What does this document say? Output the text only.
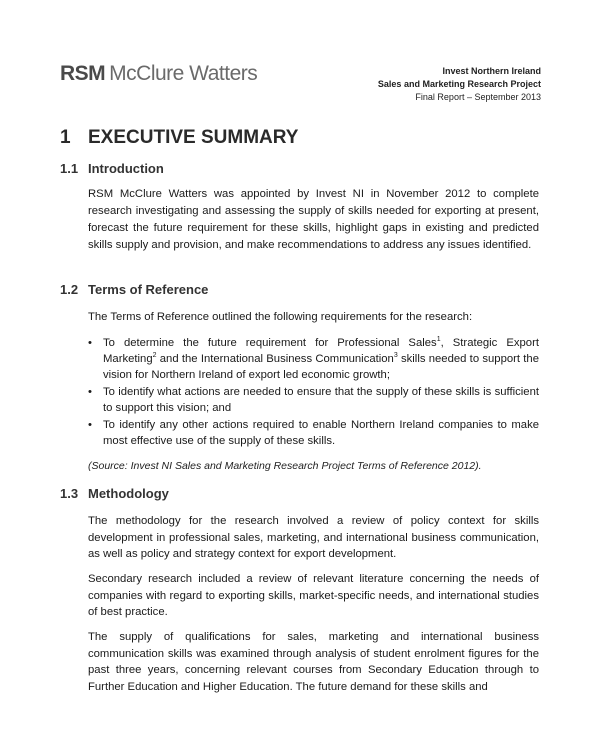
RSM McClure Watters	Invest Northern Ireland
Sales and Marketing Research Project
Final Report – September 2013
1 EXECUTIVE SUMMARY
1.1 Introduction
RSM McClure Watters was appointed by Invest NI in November 2012 to complete research investigating and assessing the supply of skills needed for exporting at present, forecast the future requirement for these skills, highlight gaps in existing and predicted skills supply and provision, and make recommendations to address any issues identified.
1.2 Terms of Reference
The Terms of Reference outlined the following requirements for the research:
• To determine the future requirement for Professional Sales$^1$, Strategic Export Marketing$^2$ and the International Business Communication$^3$ skills needed to support the vision for Northern Ireland of export led economic growth;
• To identify what actions are needed to ensure that the supply of these skills is sufficient to support this vision; and
• To identify any other actions required to enable Northern Ireland companies to make most effective use of the supply of these skills.
(Source: Invest NI Sales and Marketing Research Project Terms of Reference 2012).
1.3 Methodology
The methodology for the research involved a review of policy context for skills development in professional sales, marketing, and international business communication, as well as policy and strategy context for export development.
Secondary research included a review of relevant literature concerning the needs of companies with regard to exporting skills, market-specific needs, and international studies of best practice.
The supply of qualifications for sales, marketing and international business communication skills was examined through analysis of student enrolment figures for the past three years, concerning relevant courses from Secondary Education through to Further Education and Higher Education. The future demand for these skills and
